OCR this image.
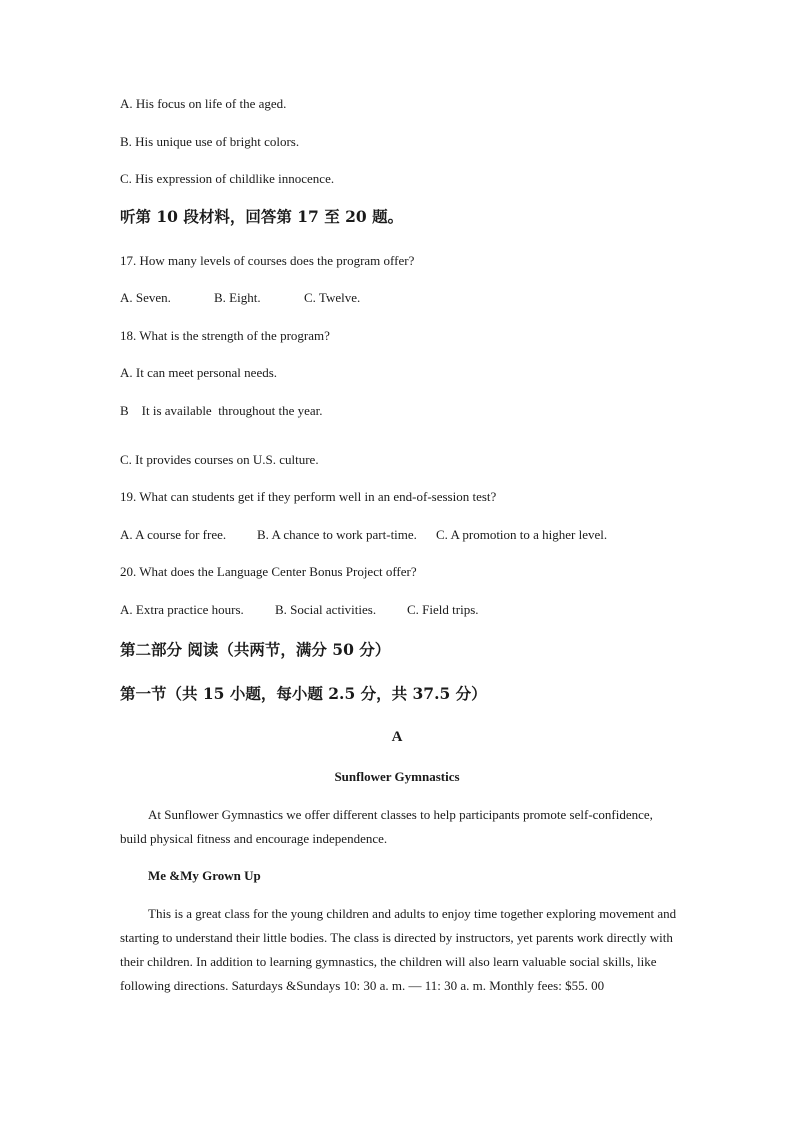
A. His focus on life of the aged.
B. His unique use of bright colors.
C. His expression of childlike innocence.
听第 10 段材料，回答第 17 至 20 题。
17. How many levels of courses does the program offer?
A. Seven.	B. Eight.	C. Twelve.
18. What is the strength of the program?
A. It can meet personal needs.
B    It is available  throughout the year.
C. It provides courses on U.S. culture.
19. What can students get if they perform well in an end-of-session test?
A. A course for free. B. A chance to work part-time. C. A promotion to a higher level.
20. What does the Language Center Bonus Project offer?
A. Extra practice hours. B. Social activities. C. Field trips.
第二部分 阅读（共两节，满分 50 分）
第一节（共 15 小题，每小题 2.5 分，共 37.5 分）
A
Sunflower Gymnastics
At Sunflower Gymnastics we offer different classes to help participants promote self-confidence, build physical fitness and encourage independence.
Me &My Grown Up
This is a great class for the young children and adults to enjoy time together exploring movement and starting to understand their little bodies. The class is directed by instructors, yet parents work directly with their children. In addition to learning gymnastics, the children will also learn valuable social skills, like following directions. Saturdays &Sundays 10: 30 a. m. — 11: 30 a. m. Monthly fees: $55. 00
